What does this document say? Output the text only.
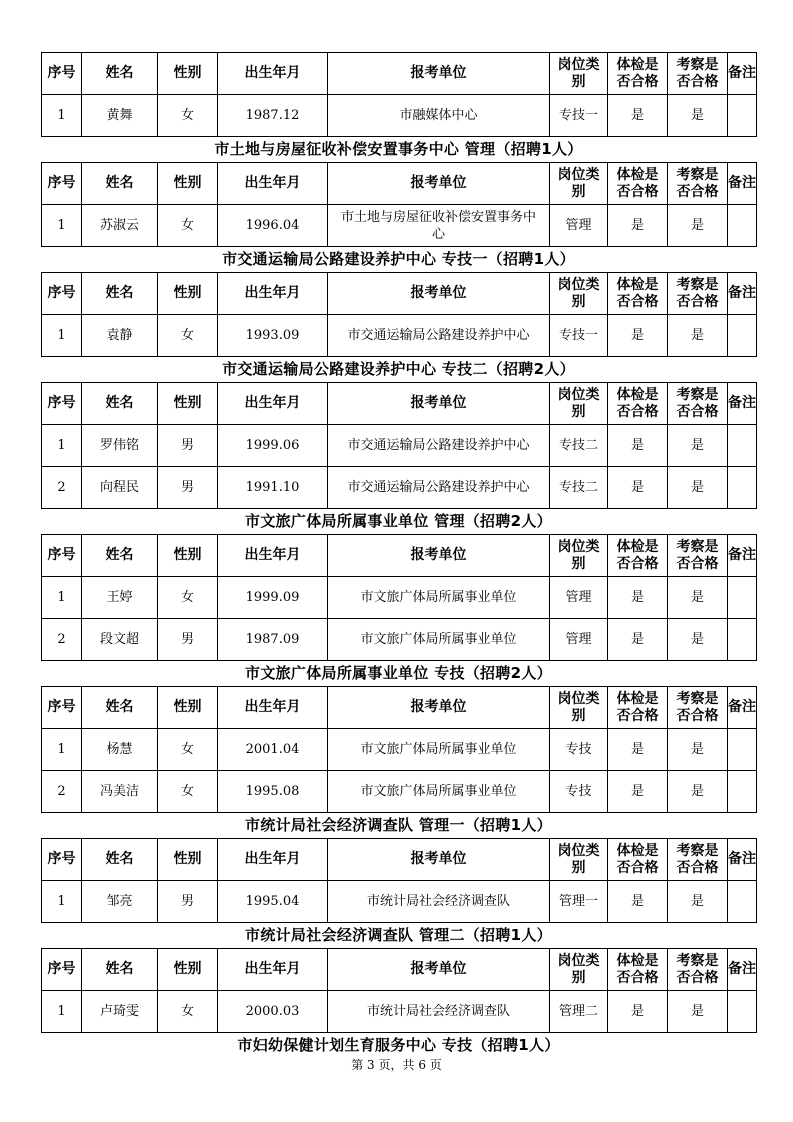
序号	姓名	性别	出生年月	报考单位	岗位类别	体检是否合格	考察是否合格	备注
1	黄舞	女	1987.12	市融媒体中心	专技一	是	是	
市土地与房屋征收补偿安置事务中心 管理（招聘1人）
序号	姓名	性别	出生年月	报考单位	岗位类别	体检是否合格	考察是否合格	备注
1	苏淑云	女	1996.04	市土地与房屋征收补偿安置事务中心	管理	是	是	
市交通运输局公路建设养护中心 专技一（招聘1人）
序号	姓名	性别	出生年月	报考单位	岗位类别	体检是否合格	考察是否合格	备注
1	袁静	女	1993.09	市交通运输局公路建设养护中心	专技一	是	是	
市交通运输局公路建设养护中心 专技二（招聘2人）
序号	姓名	性别	出生年月	报考单位	岗位类别	体检是否合格	考察是否合格	备注
1	罗伟铭	男	1999.06	市交通运输局公路建设养护中心	专技二	是	是	
2	向程民	男	1991.10	市交通运输局公路建设养护中心	专技二	是	是	
市文旅广体局所属事业单位 管理（招聘2人）
序号	姓名	性别	出生年月	报考单位	岗位类别	体检是否合格	考察是否合格	备注
1	王婷	女	1999.09	市文旅广体局所属事业单位	管理	是	是	
2	段文超	男	1987.09	市文旅广体局所属事业单位	管理	是	是	
市文旅广体局所属事业单位 专技（招聘2人）
序号	姓名	性别	出生年月	报考单位	岗位类别	体检是否合格	考察是否合格	备注
1	杨慧	女	2001.04	市文旅广体局所属事业单位	专技	是	是	
2	冯美洁	女	1995.08	市文旅广体局所属事业单位	专技	是	是	
市统计局社会经济调查队 管理一（招聘1人）
序号	姓名	性别	出生年月	报考单位	岗位类别	体检是否合格	考察是否合格	备注
1	邹亮	男	1995.04	市统计局社会经济调查队	管理一	是	是	
市统计局社会经济调查队 管理二（招聘1人）
序号	姓名	性别	出生年月	报考单位	岗位类别	体检是否合格	考察是否合格	备注
1	卢琦雯	女	2000.03	市统计局社会经济调查队	管理二	是	是	
市妇幼保健计划生育服务中心 专技（招聘1人）
第 3 页，共 6 页
